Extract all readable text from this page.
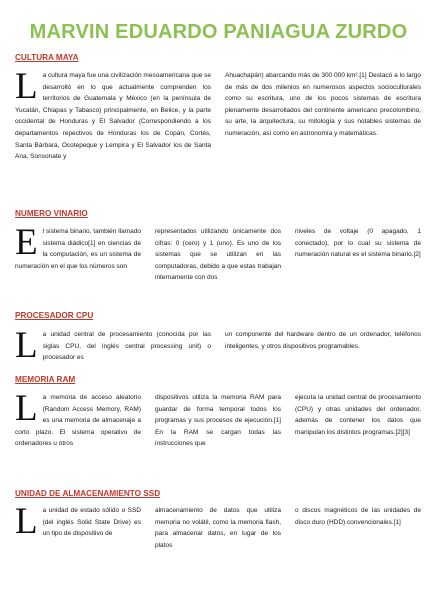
MARVIN EDUARDO PANIAGUA ZURDO
CULTURA MAYA

La cultura maya fue una civilización mesoamericana que se desarrolló en lo que actualmente comprenden los territorios de Guatemala y México (en la península de Yucatán, Chiapas y Tabasco) principalmente, en Belice, y la parte occidental de Honduras y El Salvador (Correspondiendo a los departamentos repectivos de Honduras los de Copán, Cortés, Santa Bárbara, Ocotepeque y Lempira y El Salvador los de Santa Ana, Sonsonate y

Ahuachapán) abarcando más de 300 000 km².[1] Destacó a lo largo de más de dos milenios en numerosos aspectos socioculturales como su escritura, uno de los pocos sistemas de escritura plenamente desarrollados del continente americano precolombino, su arte, la arquitectura, su mitología y sus notables sistemas de numeración, así como en astronomía y matemáticas.

NUMERO VINARIO

El sistema binario, también llamado sistema diádico[1] en ciencias de la computación, es un sistema de numeración en el que los números son

representados utilizando únicamente dos cifras: 0 (cero) y 1 (uno). Es uno de los sistemas que se utilizan en las computadoras, debido a que estas trabajan internamente con dos

niveles de voltaje (0 apagado, 1 conectado), por lo cual su sistema de numeración natural es el sistema binario.[2]

PROCESADOR CPU

La unidad central de procesamiento (conocida por las siglas CPU, del inglés central processing unit) o procesador es

un componente del hardware dentro de un ordenador, teléfonos inteligentes, y otros dispositivos programables.

MEMORIA RAM

La memoria de acceso aleatorio (Random Access Memory, RAM) es una memoria de almacenaje a corto plazo. El sistema operativo de ordenadores u otros

dispositivos utiliza la memoria RAM para guardar de forma temporal todos los programas y sus procesos de ejecución.[1] En la RAM se cargan todas las instrucciones que

ejecuta la unidad central de procesamiento (CPU) y otras unidades del ordenador, además de contener los datos que manipulan los distintos programas.[2][3]

UNIDAD DE ALMACENAMIENTO SSD

La unidad de estado sólido o SSD (del inglés Solid State Drive) es un tipo de dispositivo de

almacenamiento de datos que utiliza memoria no volátil, como la memoria flash, para almacenar datos, en lugar de los platos

o discos magnéticos de las unidades de disco duro (HDD) convencionales.[1]
